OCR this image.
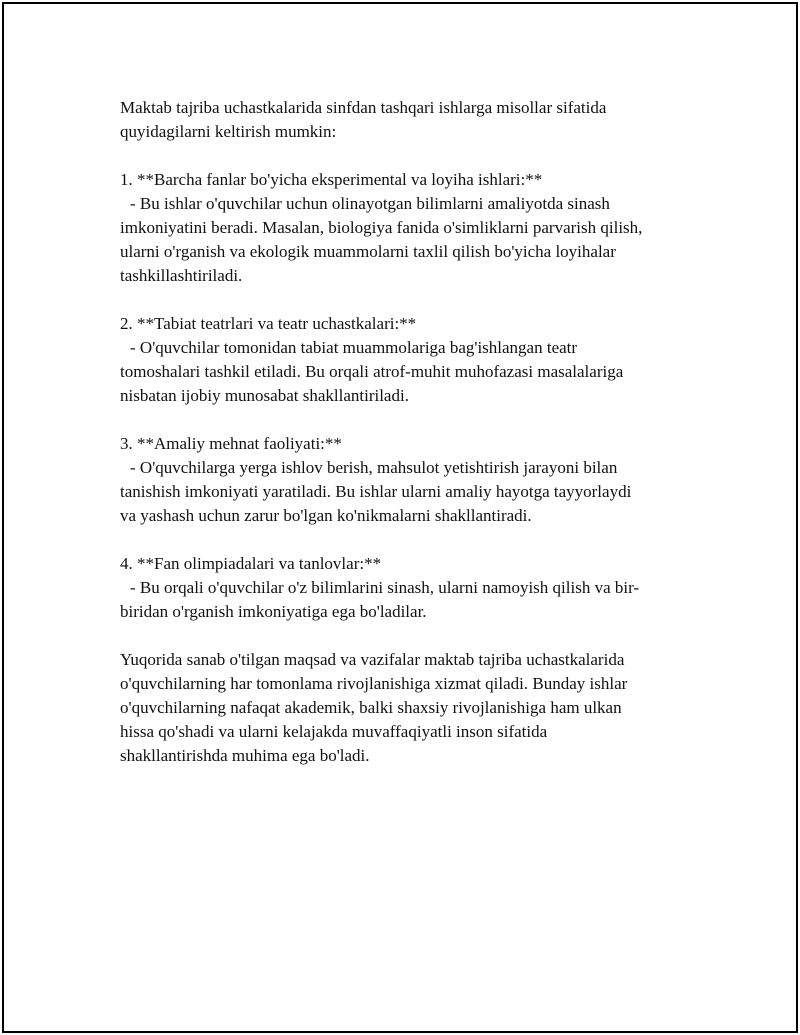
Maktab tajriba uchastkalarida sinfdan tashqari ishlarga misollar sifatida
quyidagilarni keltirish mumkin:

1. **Barcha fanlar bo'yicha eksperimental va loyiha ishlari:**
- Bu ishlar o'quvchilar uchun olinayotgan bilimlarni amaliyotda sinash
imkoniyatini beradi. Masalan, biologiya fanida o'simliklarni parvarish qilish,
ularni o'rganish va ekologik muammolarni taxlil qilish bo'yicha loyihalar
tashkillashtiriladi.

2. **Tabiat teatrlari va teatr uchastkalari:**
- O'quvchilar tomonidan tabiat muammolariga bag'ishlangan teatr
tomoshalari tashkil etiladi. Bu orqali atrof-muhit muhofazasi masalalariga
nisbatan ijobiy munosabat shakllantiriladi.

3. **Amaliy mehnat faoliyati:**
- O'quvchilarga yerga ishlov berish, mahsulot yetishtirish jarayoni bilan
tanishish imkoniyati yaratiladi. Bu ishlar ularni amaliy hayotga tayyorlaydi
va yashash uchun zarur bo'lgan ko'nikmalarni shakllantiradi.

4. **Fan olimpiadalari va tanlovlar:**
- Bu orqali o'quvchilar o'z bilimlarini sinash, ularni namoyish qilish va bir-
biridan o'rganish imkoniyatiga ega bo'ladilar.

Yuqorida sanab o'tilgan maqsad va vazifalar maktab tajriba uchastkalarida
o'quvchilarning har tomonlama rivojlanishiga xizmat qiladi. Bunday ishlar
o'quvchilarning nafaqat akademik, balki shaxsiy rivojlanishiga ham ulkan
hissa qo'shadi va ularni kelajakda muvaffaqiyatli inson sifatida
shakllantirishda muhima ega bo'ladi.
